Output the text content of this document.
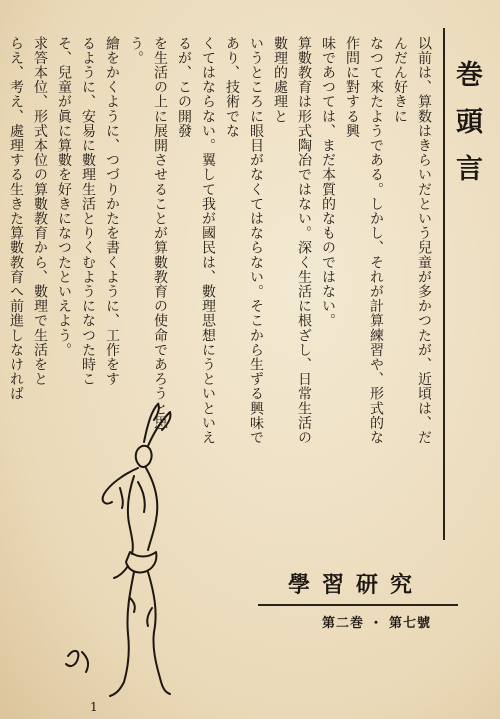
巻頭言
以前は、算数はきらいだという兒童が多かつたが、近頃は、だんだん好きに
なつて來たようである。しかし、それが計算練習や、形式的な作問に對する興
味であつては、まだ本質的なものではない。
算數教育は形式陶冶ではない。深く生活に根ざし、日常生活の數理的處理と
いうところに眼目がなくてはならない。そこから生ずる興味であり、技術でな
くてはならない。翼して我が國民は、數理思想にうといといえるが、この開發
を生活の上に展開させることが算數教育の使命であろうと思う。
繪をかくように、つづりかたを書くように、工作をす
るように、安易に數理生活とりくむようになつた時こ
そ、兒童が眞に算數を好きになつたといえよう。
求答本位、形式本位の算數教育から、數理で生活をと
らえ、考え、處理する生きた算數教育へ前進しなければ
學習研究
第二巻 ・ 第七號
1
